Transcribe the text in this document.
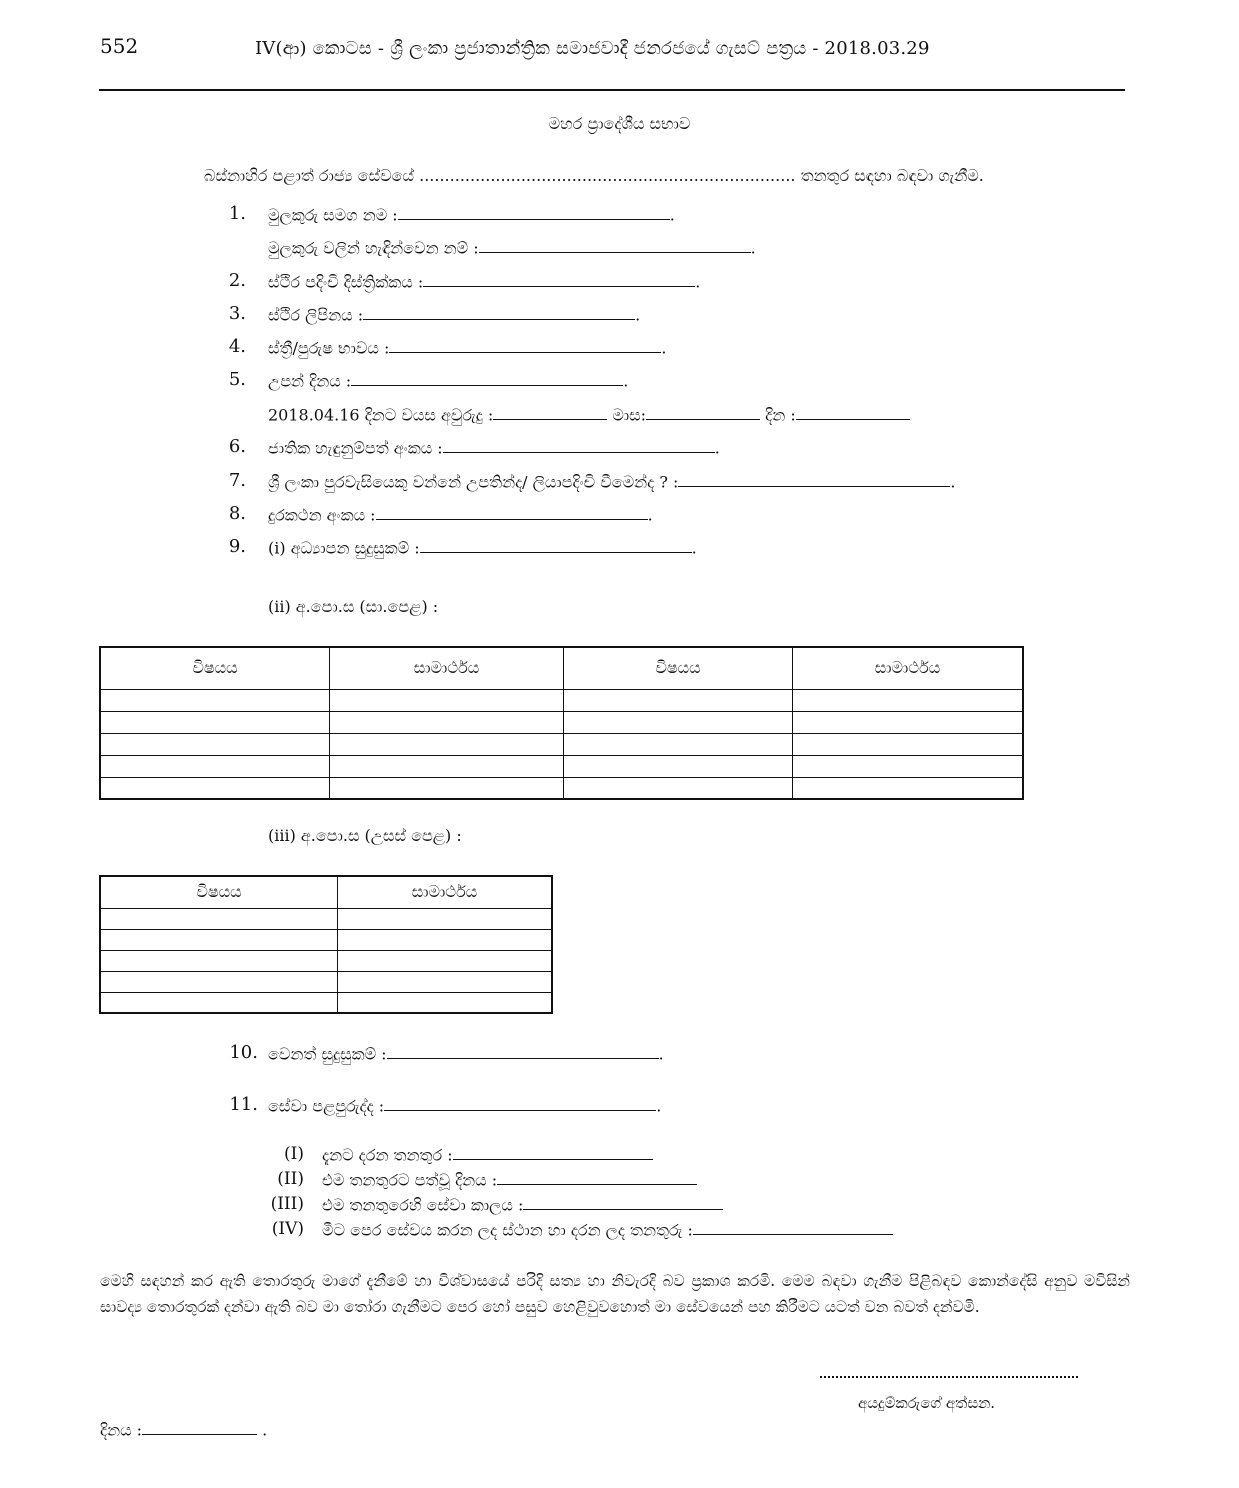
552	IV(ආ) කොටස - ශ්‍රී ලංකා ප්‍රජාතාන්ත්‍රික සමාජවාදී ජනරජයේ ගැසට් පත්‍රය - 2018.03.29
මහර ප්‍රාදේශීය සභාව
බස්නාහිර පළාත් රාජ්‍ය සේවයේ .......................................................................... තනතුර සඳහා බඳවා ගැනීම.
1. මුලකුරු සමග නම :	.
මුලකුරු වලින් හැඳින්වෙන නම් :	.
2. ස්ථිර පදිංචි දිස්ත්‍රික්කය :	.
3. ස්ථිර ලිපිනය :	.
4. ස්ත්‍රී/පුරුෂ භාවය :	.
5. උපන් දිනය :	.
2018.04.16 දිනට වයස අවුරුදු :	මාස:	දින :
6. ජාතික හැඳුනුම්පත් අංකය :	.
7. ශ්‍රී ලංකා පුරවැසියෙකු වන්නේ උපතින්ද/ ලියාපදිංචි වීමෙන්ද ? :	.
8. දුරකථන අංකය :	.
9. (i) අධ්‍යාපන සුදුසුකම් :	.
(ii) අ.පො.ස (සා.පෙළ) :
විෂයය	සාමාර්ථය	විෂයය	සාමාර්ථය

(iii) අ.පො.ස (උසස් පෙළ) :
විෂයය	සාමාර්ථය

10. වෙනත් සුදුසුකම් :	.
11. සේවා පළපුරුද්ද :	.
(I) දැනට දරන තනතුර :
(II) එම තනතුරට පත්වූ දිනය :
(III) එම තනතුරෙහි සේවා කාලය :
(IV) මීට පෙර සේවය කරන ලද ස්ථාන හා දරන ලද තනතුරු :
මෙහි සඳහන් කර ඇති තොරතුරු මාගේ දැනීමේ හා විශ්වාසයේ පරිදි සත්‍ය හා නිවැරදි බව ප්‍රකාශ කරමි. මෙම බඳවා ගැනීම පිළිබඳව කොන්දේසි අනුව මවිසින් සාවද්‍ය තොරතුරක් දන්වා ඇති බව මා තෝරා ගැනීමට පෙර හෝ පසුව හෙළිවුවහොත් මා සේවයෙන් පහ කිරීමට යටත් වන බවත් දන්වමි.
අයදුම්කරුගේ අත්සන.
දිනය :	.
